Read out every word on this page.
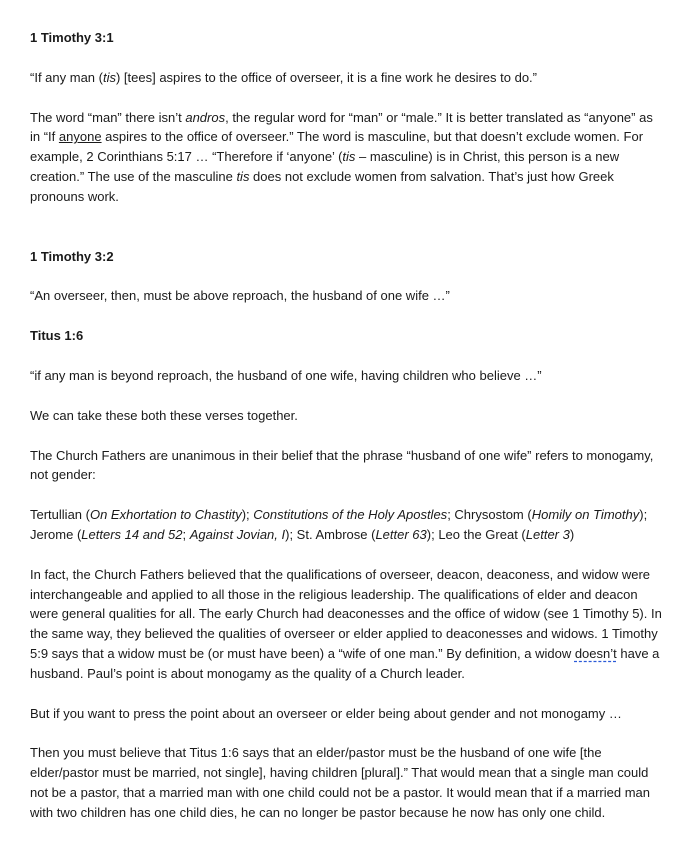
1 Timothy 3:1

“If any man (tis) [tees] aspires to the office of overseer, it is a fine work he desires to do.”

The word “man” there isn’t andros, the regular word for “man” or “male.” It is better translated as “anyone” as in “If anyone aspires to the office of overseer.” The word is masculine, but that doesn’t exclude women. For example, 2 Corinthians 5:17 … “Therefore if ‘anyone’ (tis – masculine) is in Christ, this person is a new creation.” The use of the masculine tis does not exclude women from salvation. That’s just how Greek pronouns work.

1 Timothy 3:2

“An overseer, then, must be above reproach, the husband of one wife …”

Titus 1:6

“if any man is beyond reproach, the husband of one wife, having children who believe …”

We can take these both these verses together.

The Church Fathers are unanimous in their belief that the phrase “husband of one wife” refers to monogamy, not gender:

Tertullian (On Exhortation to Chastity); Constitutions of the Holy Apostles; Chrysostom (Homily on Timothy); Jerome (Letters 14 and 52; Against Jovian, I); St. Ambrose (Letter 63); Leo the Great (Letter 3)

In fact, the Church Fathers believed that the qualifications of overseer, deacon, deaconess, and widow were interchangeable and applied to all those in the religious leadership. The qualifications of elder and deacon were general qualities for all. The early Church had deaconesses and the office of widow (see 1 Timothy 5). In the same way, they believed the qualities of overseer or elder applied to deaconesses and widows. 1 Timothy 5:9 says that a widow must be (or must have been) a “wife of one man.” By definition, a widow doesn’t have a husband. Paul’s point is about monogamy as the quality of a Church leader.

But if you want to press the point about an overseer or elder being about gender and not monogamy …

Then you must believe that Titus 1:6 says that an elder/pastor must be the husband of one wife [the elder/pastor must be married, not single], having children [plural].” That would mean that a single man could not be a pastor, that a married man with one child could not be a pastor. It would mean that if a married man with two children has one child dies, he can no longer be pastor because he now has only one child.
